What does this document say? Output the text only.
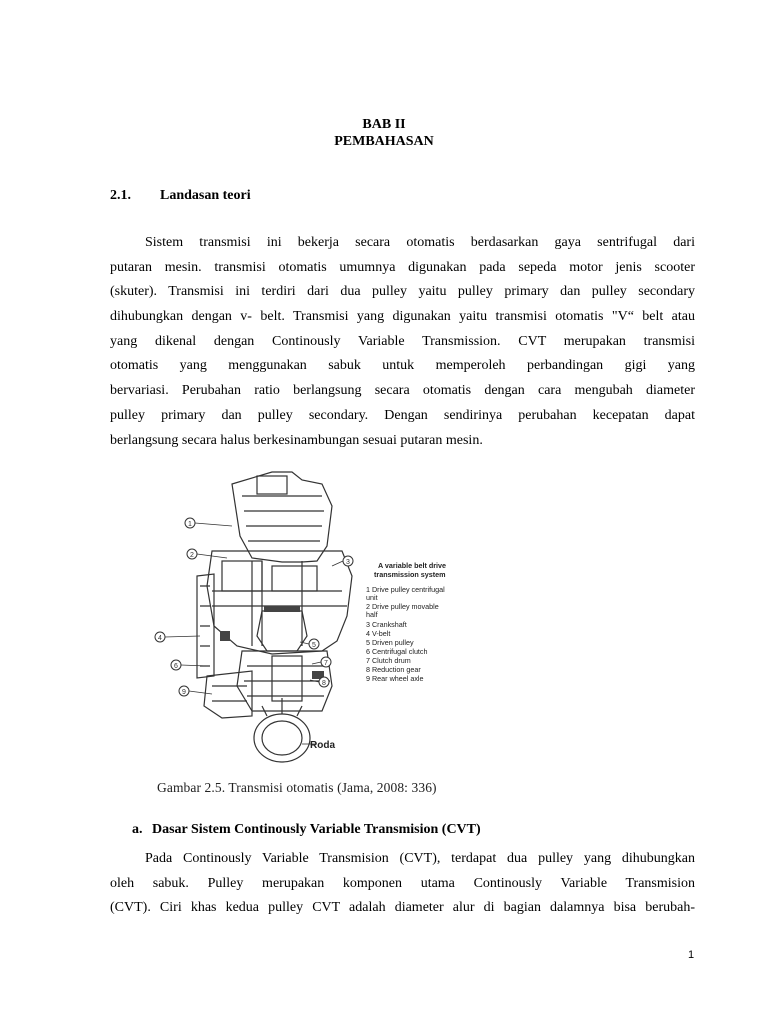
BAB II
PEMBAHASAN
2.1. Landasan teori
Sistem transmisi ini bekerja secara otomatis berdasarkan gaya sentrifugal dari
putaran mesin. transmisi otomatis umumnya digunakan pada sepeda motor jenis scooter
(skuter). Transmisi ini terdiri dari dua pulley yaitu pulley primary dan pulley secondary
dihubungkan dengan v- belt. Transmisi yang digunakan yaitu transmisi otomatis "V“ belt atau
yang dikenal dengan Continously Variable Transmission. CVT merupakan transmisi
otomatis yang menggunakan sabuk untuk memperoleh perbandingan gigi yang
bervariasi. Perubahan ratio berlangsung secara otomatis dengan cara mengubah diameter
pulley primary dan pulley secondary. Dengan sendirinya perubahan kecepatan dapat
berlangsung secara halus berkesinambungan sesuai putaran mesin.
1
2
3
4
5
6	7
8
9
A variable belt drive
transmission system
1 Drive pulley centrifugal
unit
2 Drive pulley movable
half
3 Crankshaft
4 V-belt
5 Driven pulley
6 Centrifugal clutch
7 Clutch drum
8 Reduction gear
9 Rear wheel axle
Roda
Gambar 2.5. Transmisi otomatis (Jama, 2008: 336)
a. Dasar Sistem Continously Variable Transmision (CVT)
Pada Continously Variable Transmision (CVT), terdapat dua pulley yang dihubungkan
oleh sabuk. Pulley merupakan komponen utama Continously Variable Transmision
(CVT). Ciri khas kedua pulley CVT adalah diameter alur di bagian dalamnya bisa berubah-
1
